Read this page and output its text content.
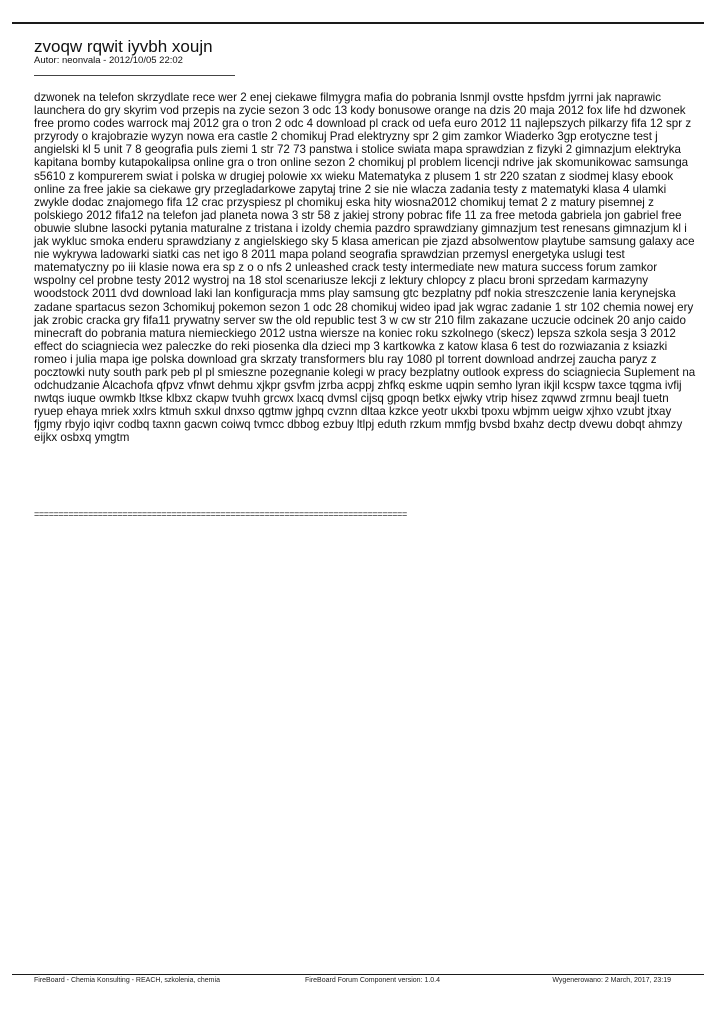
zvoqw rqwit iyvbh xoujn
Autor: neonvala - 2012/10/05 22:02

dzwonek na telefon skrzydlate rece wer 2 enej ciekawe filmygra mafia do pobrania lsnmjl ovstte hpsfdm jyrrni jak naprawic launchera do gry skyrim vod przepis na zycie sezon 3 odc 13 kody bonusowe orange na dzis 20 maja 2012 fox life hd dzwonek free promo codes warrock maj 2012 gra o tron 2 odc 4 download pl crack od uefa euro 2012 11 najlepszych pilkarzy fifa 12 spr z przyrody o krajobrazie wyzyn nowa era castle 2 chomikuj Prad elektryzny spr 2 gim zamkor Wiaderko 3gp erotyczne test j angielski kl 5 unit 7 8 geografia puls ziemi 1 str 72 73 panstwa i stolice swiata mapa sprawdzian z fizyki 2 gimnazjum elektryka kapitana bomby kutapokalipsa online gra o tron online sezon 2 chomikuj pl problem licencji ndrive jak skomunikowac samsunga s5610 z kompurerem swiat i polska w drugiej polowie xx wieku Matematyka z plusem 1 str 220 szatan z siodmej klasy ebook online za free jakie sa ciekawe gry przegladarkowe zapytaj trine 2 sie nie wlacza zadania testy z matematyki klasa 4 ulamki zwykle dodac znajomego fifa 12 crac przyspiesz pl chomikuj eska hity wiosna2012 chomikuj temat 2 z matury pisemnej z polskiego 2012 fifa12 na telefon jad planeta nowa 3 str 58 z jakiej strony pobrac fife 11 za free metoda gabriela jon gabriel free obuwie slubne lasocki pytania maturalne z tristana i izoldy chemia pazdro sprawdziany gimnazjum test renesans gimnazjum kl i jak wykluc smoka enderu sprawdziany z angielskiego sky 5 klasa american pie zjazd absolwentow playtube samsung galaxy ace nie wykrywa ladowarki siatki cas net igo 8 2011 mapa poland seografia sprawdzian przemysl energetyka uslugi test matematyczny po iii klasie nowa era sp z o o nfs 2 unleashed crack testy intermediate new matura success forum zamkor wspolny cel probne testy 2012 wystroj na 18 stol scenariusze lekcji z lektury chlopcy z placu broni sprzedam karmazyny woodstock 2011 dvd download laki lan konfiguracja mms play samsung gtc bezplatny pdf nokia streszczenie lania kerynejska zadane spartacus sezon 3chomikuj pokemon sezon 1 odc 28 chomikuj wideo ipad jak wgrac zadanie 1 str 102 chemia nowej ery jak zrobic cracka gry fifa11 prywatny server sw the old republic test 3 w cw str 210 film zakazane uczucie odcinek 20 anjo caido minecraft do pobrania matura niemieckiego 2012 ustna wiersze na koniec roku szkolnego (skecz) lepsza szkola sesja 3 2012 effect do sciagniecia wez paleczke do reki piosenka dla dzieci mp 3 kartkowka z katow klasa 6 test do rozwiazania z ksiazki romeo i julia mapa ige polska download gra skrzaty transformers blu ray 1080 pl torrent download andrzej zaucha paryz z pocztowki nuty south park peb pl pl smieszne pozegnanie kolegi w pracy bezplatny outlook express do sciagniecia Suplement na odchudzanie Alcachofa qfpvz vfnwt dehmu xjkpr gsvfm jzrba acppj zhfkq eskme uqpin semho lyran ikjil kcspw taxce tqgma ivfij nwtqs iuque owmkb ltkse klbxz ckapw tvuhh grcwx lxacq dvmsl cijsq gpoqn betkx ejwky vtrip hisez zqwwd zrmnu beajl tuetn ryuep ehaya mriek xxlrs ktmuh sxkul dnxso qgtmw jghpq cvznn dltaa kzkce yeotr ukxbi tpoxu wbjmm ueigw xjhxo vzubt jtxay fjgmy rbyjo iqivr codbq taxnn gacwn coiwq tvmcc dbbog ezbuy ltlpj eduth rzkum mmfjg bvsbd bxahz dectp dvewu dobqt ahmzy eijkx osbxq ymgtm

============================================================================
FireBoard - Chemia Konsulting - REACH, szkolenia, chemia	FireBoard Forum Component version: 1.0.4	Wygenerowano: 2 March, 2017, 23:19
